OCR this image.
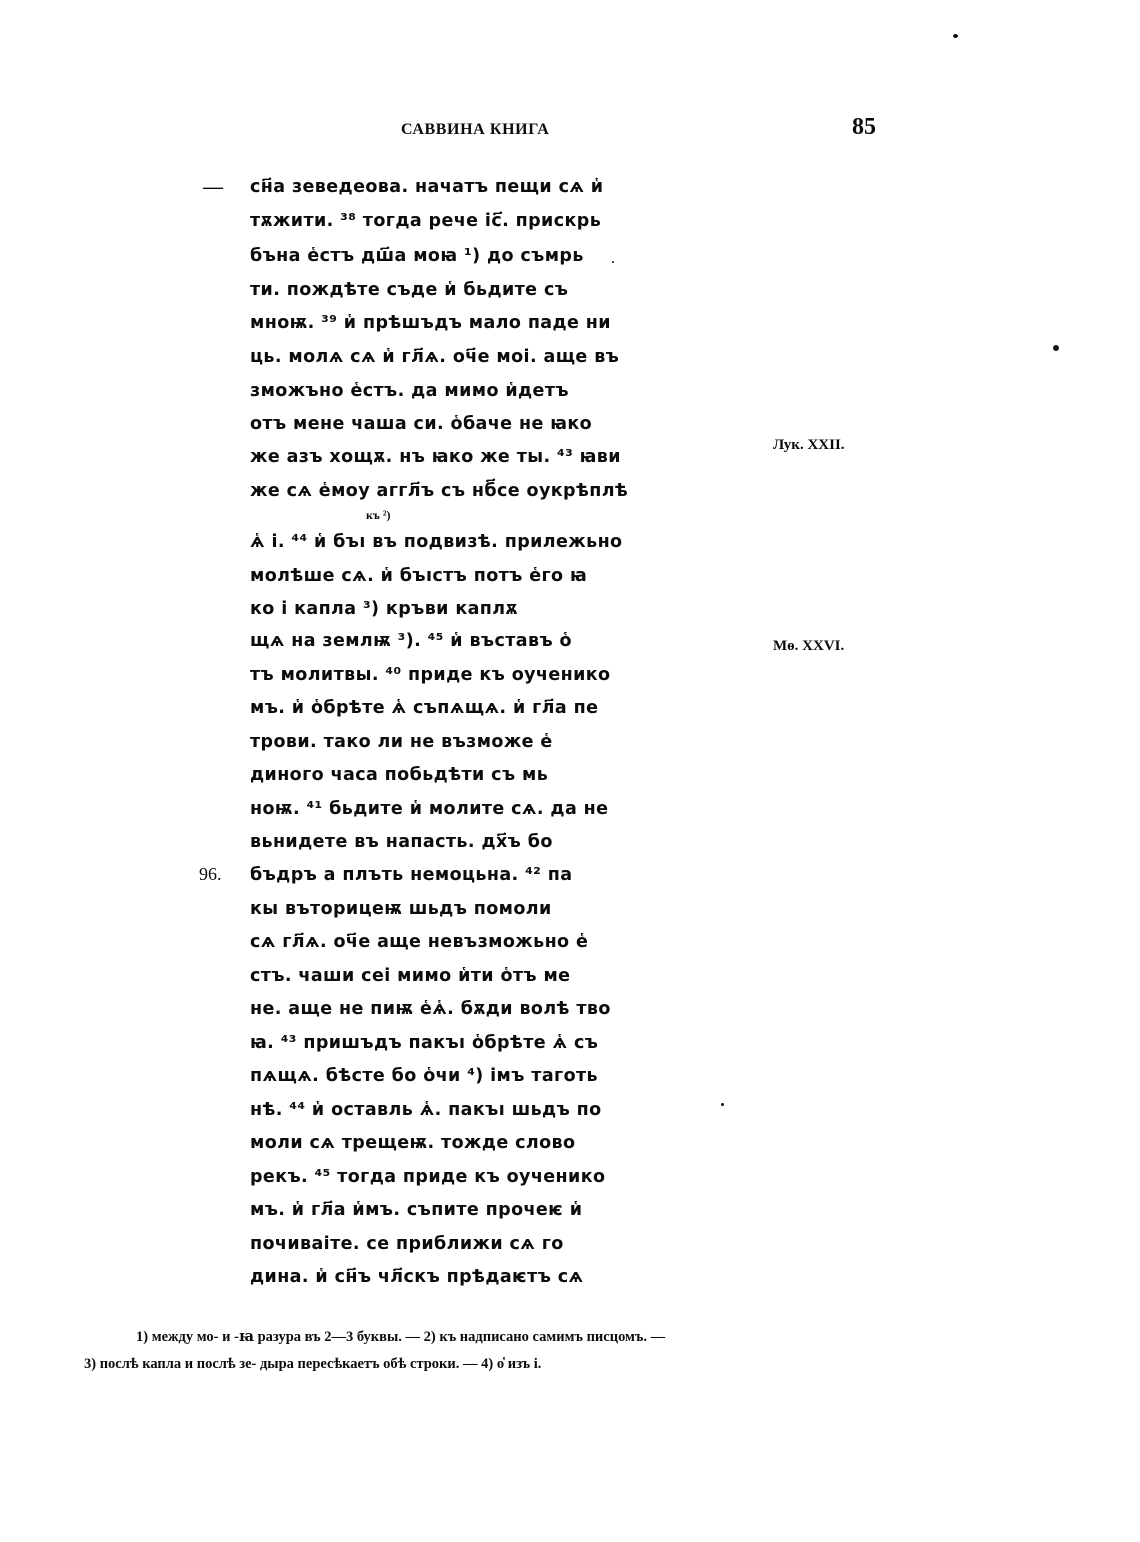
САВВИНА КНИГА	85
—
96.
сн҃а зеведеова. начатъ пещи сѧ и҅
тѫжити. ³⁸ тогда рече іс҃. прискрь
бъна е҅стъ дш҃а моꙗ ¹) до съмрь
ти. пождѣте съде и҅ бьдите съ
мноѭ. ³⁹ и҅ прѣшъдъ мало паде ни
ць. молѧ сѧ и҅ гл҃ѧ. оч҃е мoi. аще въ
зможъно е҅стъ. да мимо и҅детъ
отъ мене чаша си. о҅бачe не ꙗко
же азъ хощѫ. нъ ꙗко же ты. ⁴³ ꙗви
же сѧ е҅моу аггл҃ъ съ нб҃се оукрѣплѣ
къ ²)
ѧ҅ і. ⁴⁴ и҅ бъı въ подвизѣ. прилежьно
молѣше сѧ. и҅ бъıстъ потъ е҅го ꙗ
ко і капла ³) кръви каплѫ
щѧ на землѭ ³). ⁴⁵ и҅ въставъ о҅
тъ молитвы. ⁴⁰ приде къ оученико
мъ. и҅ о҅брѣте ѧ҅ съпѧщѧ. и҅ гл҃а пе
трови. тако ли не възможе е҅
диного часа побьдѣти съ мь
ноѭ. ⁴¹ бьдите и҅ молите сѧ. да не
вьнидете въ напасть. дх҃ъ бо
бъдръ а плъть немоцьна. ⁴² па
кы въторицеѭ шьдъ помоли
сѧ гл҃ѧ. оч҃е аще невъзможьно е҅
стъ. чаши сеі мимо и҅ти о҅тъ ме
не. аще не пиѭ е҅ѧ҅. бѫди волѣ тво
ꙗ. ⁴³ пришъдъ пакъı о҅брѣте ѧ҅ съ
пѧщѧ. бѣсте бо о҅чи ⁴) імъ таготь
нѣ. ⁴⁴ и҅ оставль ѧ҅. пакъı шьдъ по
моли сѧ трeщеѭ. тожде слово
рекъ. ⁴⁵ тогда приде къ оученико
мъ. и҅ гл҃а и҅мъ. съпите прочеѥ и҅
почиваіте. се приближи сѧ го
дина. и҅ сн҃ъ чл҃скъ прѣдаѥтъ сѧ
Лук. XXII.
Мѳ. XXVI.
1) между мо- и -ꙗ разура въ 2—3 буквы. — 2) къ надписано самимъ писцомъ. —
3) послѣ капла и послѣ зе- дыра пересѣкаетъ обѣ строки. — 4) о҅ изъ і.
